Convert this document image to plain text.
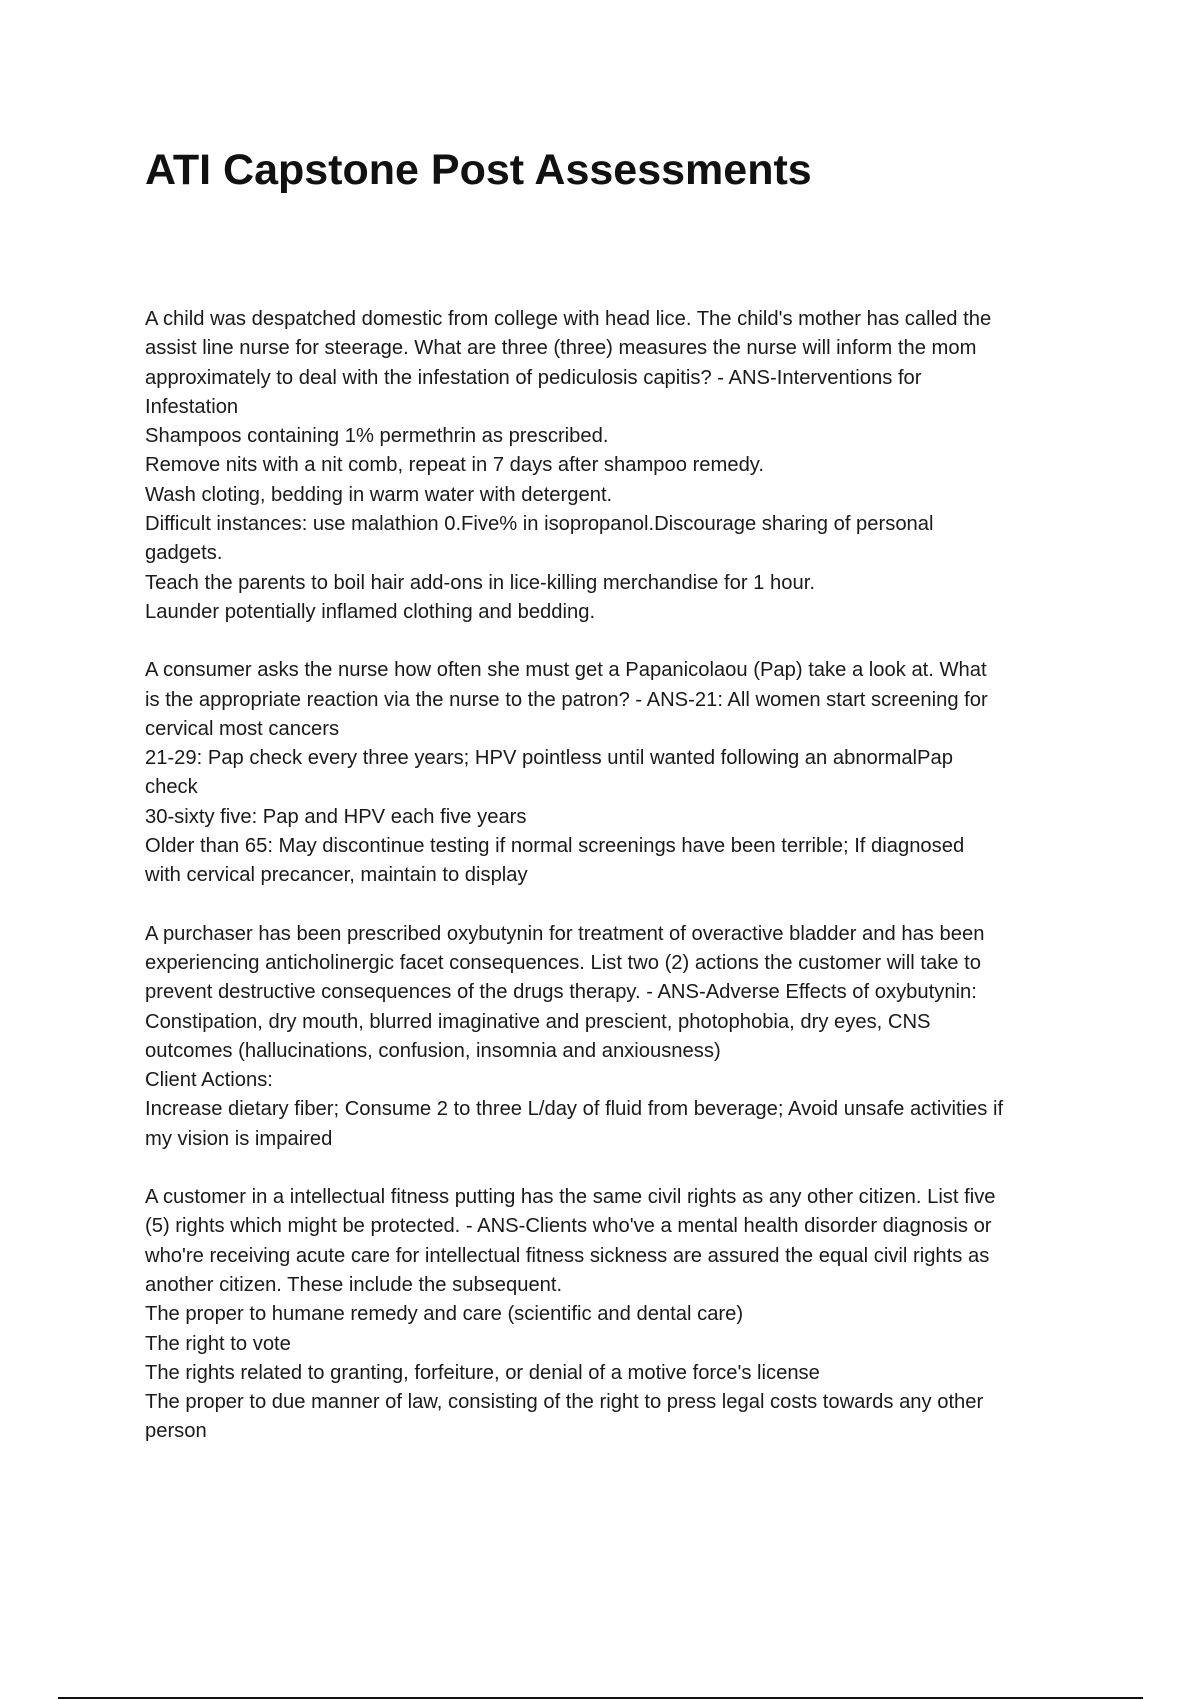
ATI Capstone Post Assessments
A child was despatched domestic from college with head lice. The child's mother has called the
assist line nurse for steerage. What are three (three) measures the nurse will inform the mom
approximately to deal with the infestation of pediculosis capitis? - ANS-Interventions for
Infestation
Shampoos containing 1% permethrin as prescribed.
Remove nits with a nit comb, repeat in 7 days after shampoo remedy.
Wash cloting, bedding in warm water with detergent.
Difficult instances: use malathion 0.Five% in isopropanol.Discourage sharing of personal
gadgets.
Teach the parents to boil hair add-ons in lice-killing merchandise for 1 hour.
Launder potentially inflamed clothing and bedding.
A consumer asks the nurse how often she must get a Papanicolaou (Pap) take a look at. What
is the appropriate reaction via the nurse to the patron? - ANS-21: All women start screening for
cervical most cancers
21-29: Pap check every three years; HPV pointless until wanted following an abnormalPap
check
30-sixty five: Pap and HPV each five years
Older than 65: May discontinue testing if normal screenings have been terrible; If diagnosed
with cervical precancer, maintain to display
A purchaser has been prescribed oxybutynin for treatment of overactive bladder and has been
experiencing anticholinergic facet consequences. List two (2) actions the customer will take to
prevent destructive consequences of the drugs therapy. - ANS-Adverse Effects of oxybutynin:
Constipation, dry mouth, blurred imaginative and prescient, photophobia, dry eyes, CNS
outcomes (hallucinations, confusion, insomnia and anxiousness)
Client Actions:
Increase dietary fiber; Consume 2 to three L/day of fluid from beverage; Avoid unsafe activities if
my vision is impaired
A customer in a intellectual fitness putting has the same civil rights as any other citizen. List five
(5) rights which might be protected. - ANS-Clients who've a mental health disorder diagnosis or
who're receiving acute care for intellectual fitness sickness are assured the equal civil rights as
another citizen. These include the subsequent.
The proper to humane remedy and care (scientific and dental care)
The right to vote
The rights related to granting, forfeiture, or denial of a motive force's license
The proper to due manner of law, consisting of the right to press legal costs towards any other
person
